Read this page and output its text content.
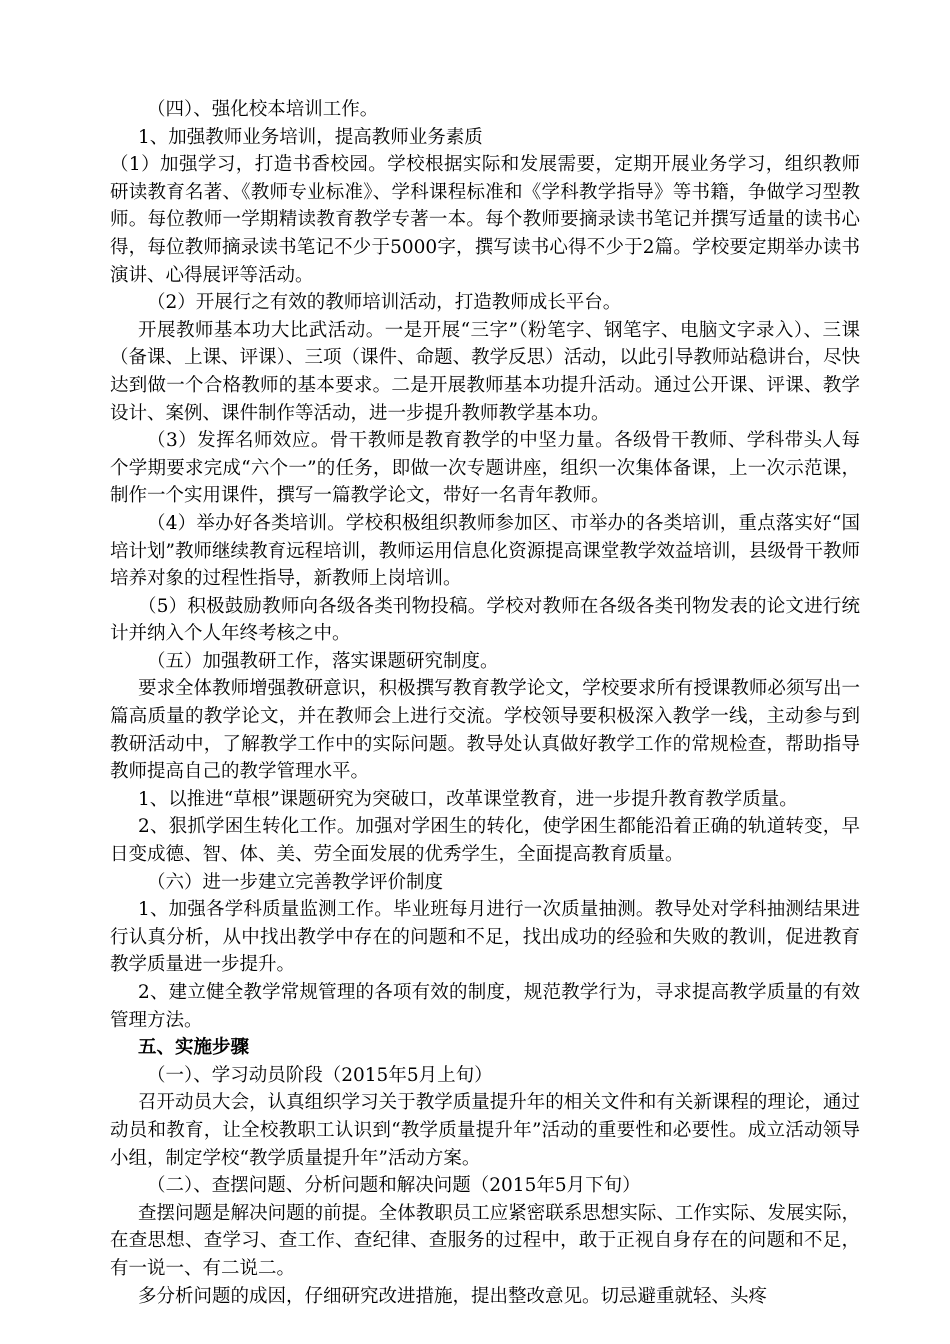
（四）、强化校本培训工作。

1、加强教师业务培训，提高教师业务素质

（1）加强学习，打造书香校园。学校根据实际和发展需要，定期开展业务学习，组织教师研读教育名著、《教师专业标准》、学科课程标准和《学科教学指导》等书籍，争做学习型教师。每位教师一学期精读教育教学专著一本。每个教师要摘录读书笔记并撰写适量的读书心得，每位教师摘录读书笔记不少于5000字，撰写读书心得不少于2篇。学校要定期举办读书演讲、心得展评等活动。

（2）开展行之有效的教师培训活动，打造教师成长平台。

开展教师基本功大比武活动。一是开展“三字”（粉笔字、钢笔字、电脑文字录入）、三课（备课、上课、评课）、三项（课件、命题、教学反思）活动，以此引导教师站稳讲台，尽快达到做一个合格教师的基本要求。二是开展教师基本功提升活动。通过公开课、评课、教学设计、案例、课件制作等活动，进一步提升教师教学基本功。

（3）发挥名师效应。骨干教师是教育教学的中坚力量。各级骨干教师、学科带头人每个学期要求完成“六个一”的任务，即做一次专题讲座，组织一次集体备课，上一次示范课，制作一个实用课件，撰写一篇教学论文，带好一名青年教师。

（4）举办好各类培训。学校积极组织教师参加区、市举办的各类培训，重点落实好“国培计划”教师继续教育远程培训，教师运用信息化资源提高课堂教学效益培训，县级骨干教师培养对象的过程性指导，新教师上岗培训。

（5）积极鼓励教师向各级各类刊物投稿。学校对教师在各级各类刊物发表的论文进行统计并纳入个人年终考核之中。

（五）加强教研工作，落实课题研究制度。

要求全体教师增强教研意识，积极撰写教育教学论文，学校要求所有授课教师必须写出一篇高质量的教学论文，并在教师会上进行交流。学校领导要积极深入教学一线，主动参与到教研活动中，了解教学工作中的实际问题。教导处认真做好教学工作的常规检查，帮助指导教师提高自己的教学管理水平。

1、以推进“草根”课题研究为突破口，改革课堂教育，进一步提升教育教学质量。

2、狠抓学困生转化工作。加强对学困生的转化，使学困生都能沿着正确的轨道转变，早日变成德、智、体、美、劳全面发展的优秀学生，全面提高教育质量。

（六）进一步建立完善教学评价制度

1、加强各学科质量监测工作。毕业班每月进行一次质量抽测。教导处对学科抽测结果进行认真分析，从中找出教学中存在的问题和不足，找出成功的经验和失败的教训，促进教育教学质量进一步提升。

2、建立健全教学常规管理的各项有效的制度，规范教学行为，寻求提高教学质量的有效管理方法。

五、实施步骤

（一）、学习动员阶段（2015年5月上旬）

召开动员大会，认真组织学习关于教学质量提升年的相关文件和有关新课程的理论，通过动员和教育，让全校教职工认识到“教学质量提升年”活动的重要性和必要性。成立活动领导小组，制定学校“教学质量提升年”活动方案。

（二）、查摆问题、分析问题和解决问题（2015年5月下旬）

查摆问题是解决问题的前提。全体教职员工应紧密联系思想实际、工作实际、发展实际，在查思想、查学习、查工作、查纪律、查服务的过程中，敢于正视自身存在的问题和不足，有一说一、有二说二。

多分析问题的成因，仔细研究改进措施，提出整改意见。切忌避重就轻、头疼
